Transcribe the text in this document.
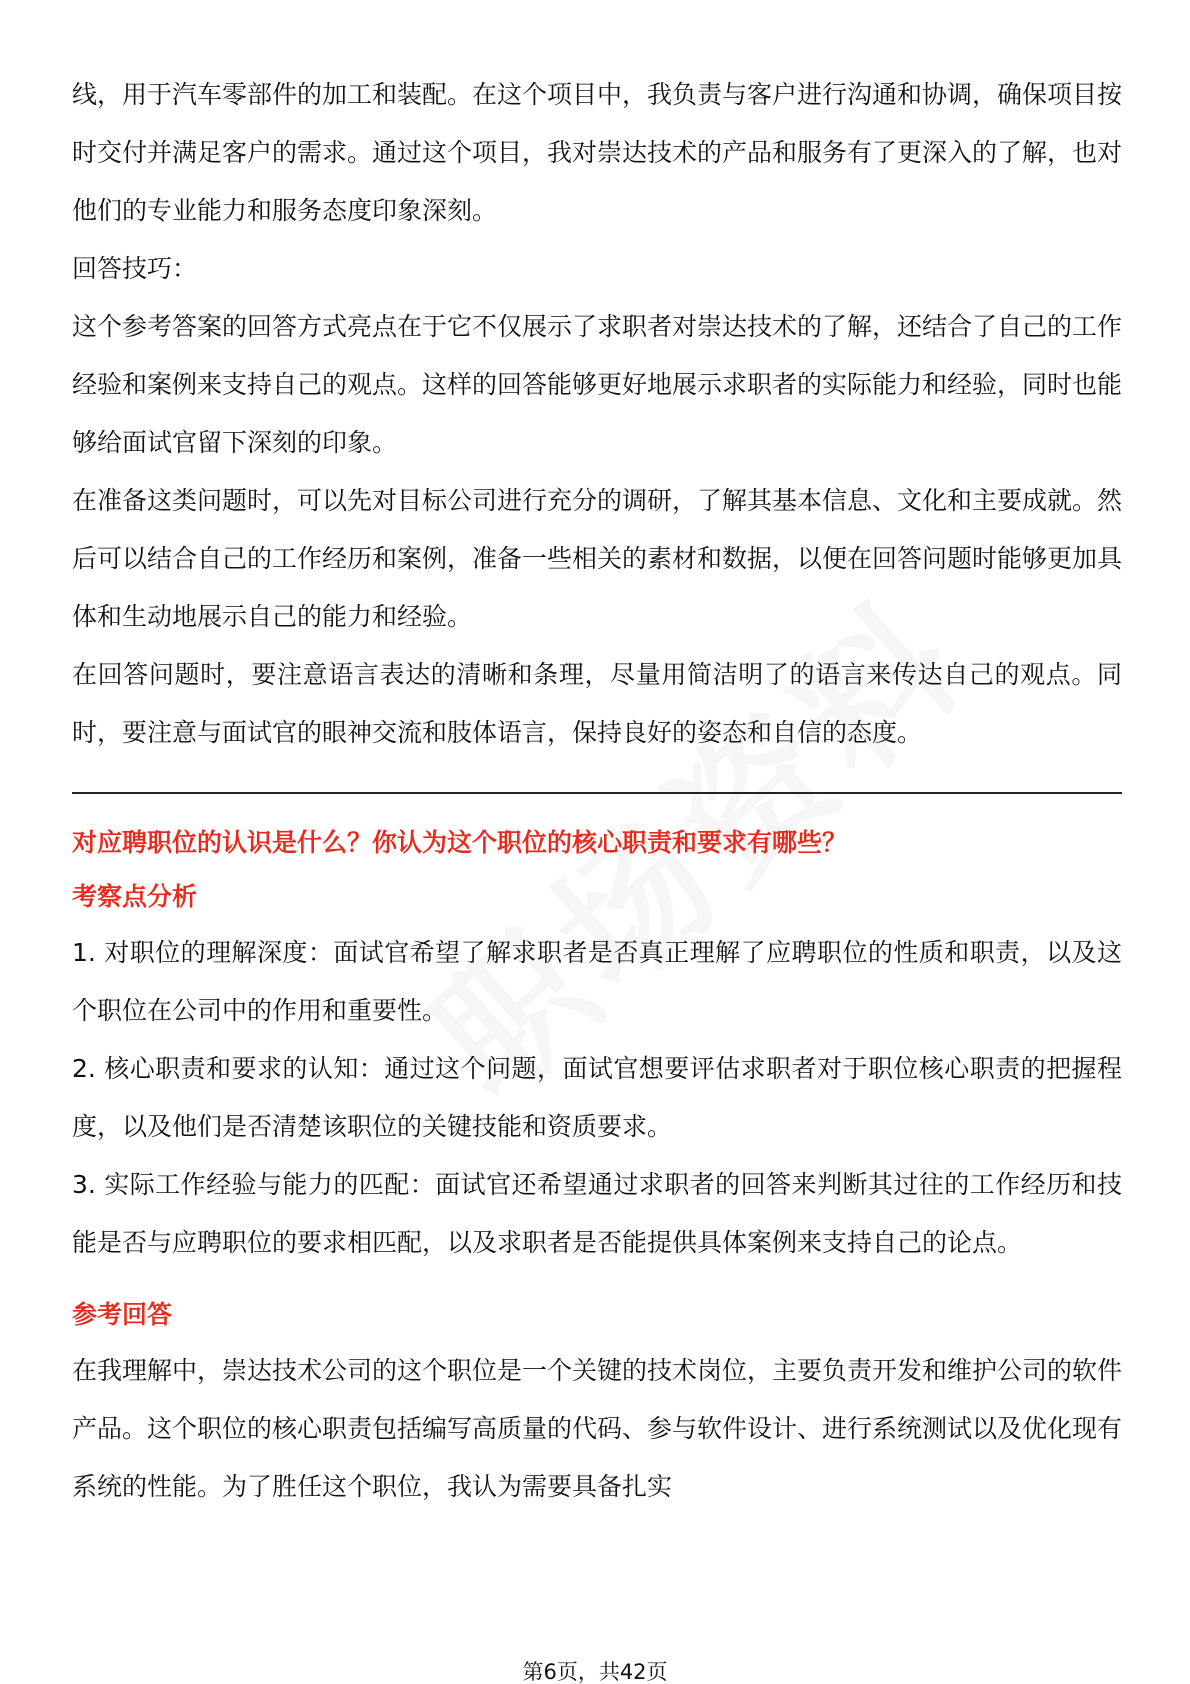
线，用于汽车零部件的加工和装配。在这个项目中，我负责与客户进行沟通和协调，确保项目按时交付并满足客户的需求。通过这个项目，我对崇达技术的产品和服务有了更深入的了解，也对他们的专业能力和服务态度印象深刻。

回答技巧：

这个参考答案的回答方式亮点在于它不仅展示了求职者对崇达技术的了解，还结合了自己的工作经验和案例来支持自己的观点。这样的回答能够更好地展示求职者的实际能力和经验，同时也能够给面试官留下深刻的印象。

在准备这类问题时，可以先对目标公司进行充分的调研，了解其基本信息、文化和主要成就。然后可以结合自己的工作经历和案例，准备一些相关的素材和数据，以便在回答问题时能够更加具体和生动地展示自己的能力和经验。

在回答问题时，要注意语言表达的清晰和条理，尽量用简洁明了的语言来传达自己的观点。同时，要注意与面试官的眼神交流和肢体语言，保持良好的姿态和自信的态度。

对应聘职位的认识是什么？你认为这个职位的核心职责和要求有哪些？

考察点分析

1. 对职位的理解深度：面试官希望了解求职者是否真正理解了应聘职位的性质和职责，以及这个职位在公司中的作用和重要性。

2. 核心职责和要求的认知：通过这个问题，面试官想要评估求职者对于职位核心职责的把握程度，以及他们是否清楚该职位的关键技能和资质要求。

3. 实际工作经验与能力的匹配：面试官还希望通过求职者的回答来判断其过往的工作经历和技能是否与应聘职位的要求相匹配，以及求职者是否能提供具体案例来支持自己的论点。

参考回答

在我理解中，崇达技术公司的这个职位是一个关键的技术岗位，主要负责开发和维护公司的软件产品。这个职位的核心职责包括编写高质量的代码、参与软件设计、进行系统测试以及优化现有系统的性能。为了胜任这个职位，我认为需要具备扎实

第6页，共42页
